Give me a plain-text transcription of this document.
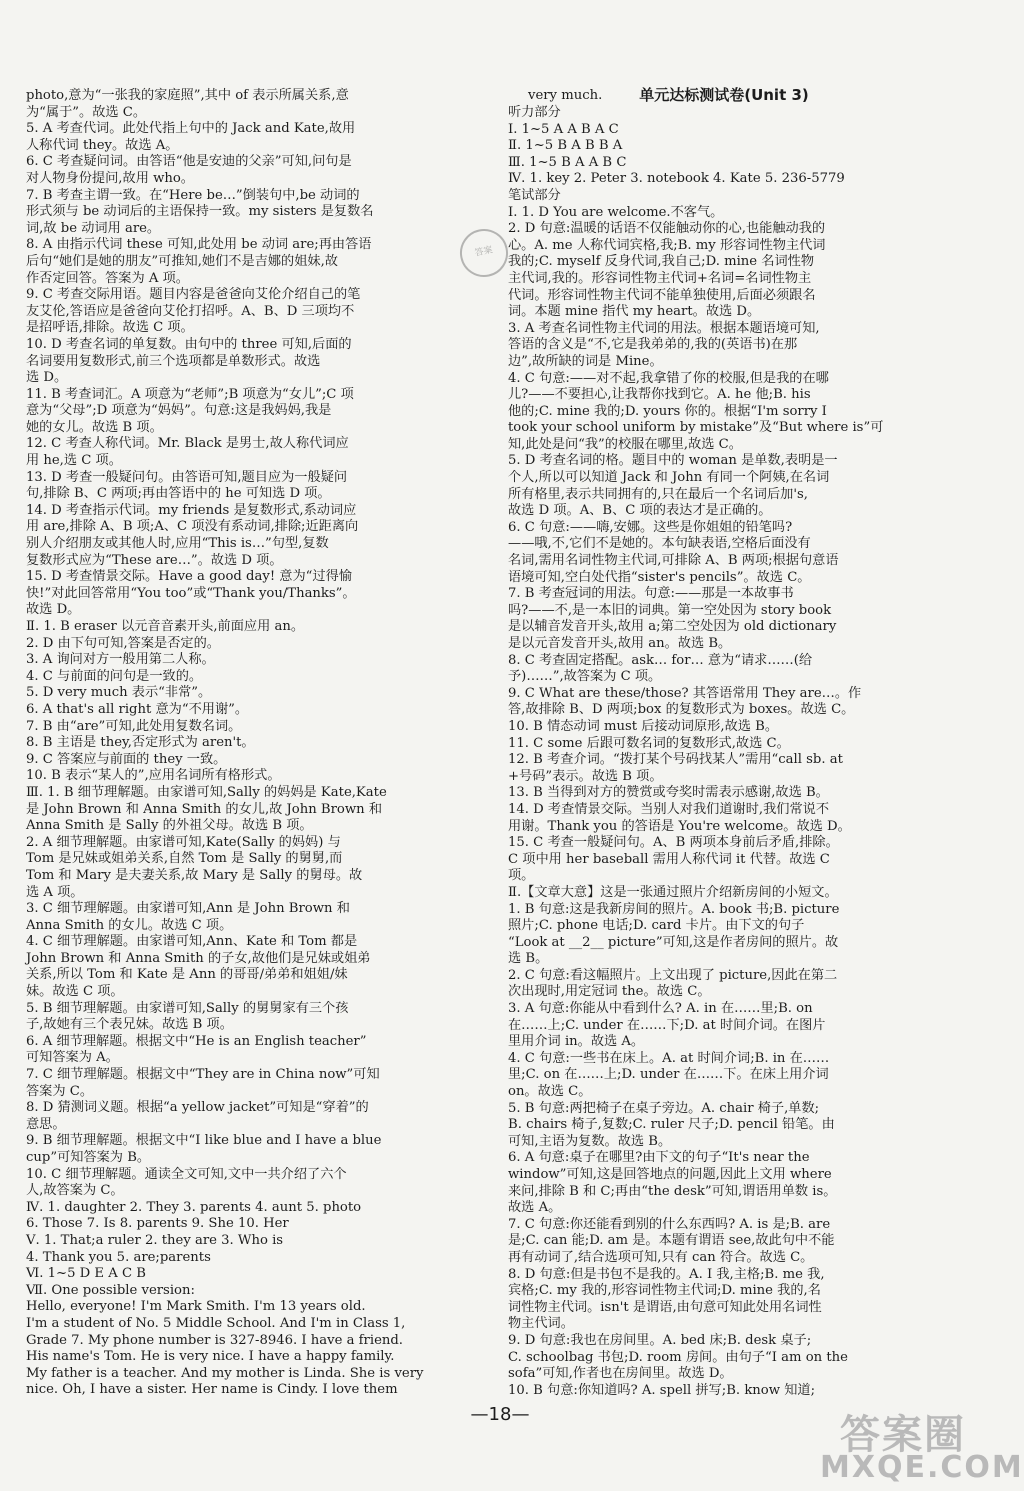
very much.
photo,意为“一张我的家庭照”,其中 of 表示所属关系,意
为“属于”。故选 C。
5. A 考查代词。此处代指上句中的 Jack and Kate,故用
人称代词 they。故选 A。
6. C 考查疑问词。由答语“他是安迪的父亲”可知,问句是
对人物身份提问,故用 who。
7. B 考查主谓一致。在“Here be…”倒装句中,be 动词的
形式须与 be 动词后的主语保持一致。my sisters 是复数名
词,故 be 动词用 are。
8. A 由指示代词 these 可知,此处用 be 动词 are;再由答语
后句“她们是她的朋友”可推知,她们不是吉娜的姐妹,故
作否定回答。答案为 A 项。
9. C 考查交际用语。题目内容是爸爸向艾伦介绍自己的笔
友艾伦,答语应是爸爸向艾伦打招呼。A、B、D 三项均不
是招呼语,排除。故选 C 项。
10. D 考查名词的单复数。由句中的 three 可知,后面的
名词要用复数形式,前三个选项都是单数形式。故选
选 D。
11. B 考查词汇。A 项意为“老师”;B 项意为“女儿”;C 项
意为“父母”;D 项意为“妈妈”。句意:这是我妈妈,我是
她的女儿。故选 B 项。
12. C 考查人称代词。Mr. Black 是男士,故人称代词应
用 he,选 C 项。
13. D 考查一般疑问句。由答语可知,题目应为一般疑问
句,排除 B、C 两项;再由答语中的 he 可知选 D 项。
14. D 考查指示代词。my friends 是复数形式,系动词应
用 are,排除 A、B 项;A、C 项没有系动词,排除;近距离向
别人介绍朋友或其他人时,应用“This is…”句型,复数
复数形式应为“These are…”。故选 D 项。
15. D 考查情景交际。Have a good day! 意为“过得愉
快!”对此回答常用“You too”或“Thank you/Thanks”。
故选 D。
Ⅱ. 1. B eraser 以元音音素开头,前面应用 an。
2. D 由下句可知,答案是否定的。
3. A 询问对方一般用第二人称。
4. C 与前面的问句是一致的。
5. D very much 表示“非常”。
6. A that's all right 意为“不用谢”。
7. B 由“are”可知,此处用复数名词。
8. B 主语是 they,否定形式为 aren't。
9. C 答案应与前面的 they 一致。
10. B 表示“某人的”,应用名词所有格形式。
Ⅲ. 1. B 细节理解题。由家谱可知,Sally 的妈妈是 Kate,Kate
是 John Brown 和 Anna Smith 的女儿,故 John Brown 和
Anna Smith 是 Sally 的外祖父母。故选 B 项。
2. A 细节理解题。由家谱可知,Kate(Sally 的妈妈) 与
Tom 是兄妹或姐弟关系,自然 Tom 是 Sally 的舅舅,而
Tom 和 Mary 是夫妻关系,故 Mary 是 Sally 的舅母。故
选 A 项。
3. C 细节理解题。由家谱可知,Ann 是 John Brown 和
Anna Smith 的女儿。故选 C 项。
4. C 细节理解题。由家谱可知,Ann、Kate 和 Tom 都是
John Brown 和 Anna Smith 的子女,故他们是兄妹或姐弟
关系,所以 Tom 和 Kate 是 Ann 的哥哥/弟弟和姐姐/妹
妹。故选 C 项。
5. B 细节理解题。由家谱可知,Sally 的舅舅家有三个孩
子,故她有三个表兄妹。故选 B 项。
6. A 细节理解题。根据文中“He is an English teacher”
可知答案为 A。
7. C 细节理解题。根据文中“They are in China now”可知
答案为 C。
8. D 猜测词义题。根据“a yellow jacket”可知是“穿着”的
意思。
9. B 细节理解题。根据文中“I like blue and I have a blue
cup”可知答案为 B。
10. C 细节理解题。通读全文可知,文中一共介绍了六个
人,故答案为 C。
Ⅳ. 1. daughter 2. They 3. parents 4. aunt 5. photo
6. Those 7. Is 8. parents 9. She 10. Her
Ⅴ. 1. That;a ruler 2. they are 3. Who is
4. Thank you 5. are;parents
Ⅵ. 1~5 D E A C B
Ⅶ. One possible version:
Hello, everyone! I'm Mark Smith. I'm 13 years old.
I'm a student of No. 5 Middle School. And I'm in Class 1,
Grade 7. My phone number is 327-8946. I have a friend.
His name's Tom. He is very nice. I have a happy family.
My father is a teacher. And my mother is Linda. She is very
nice. Oh, I have a sister. Her name is Cindy. I love them
单元达标测试卷(Unit 3)
听力部分
Ⅰ. 1~5 A A B A C
Ⅱ. 1~5 B A B B A
Ⅲ. 1~5 B A A B C
Ⅳ. 1. key 2. Peter 3. notebook 4. Kate 5. 236-5779
笔试部分
Ⅰ. 1. D You are welcome.不客气。
2. D 句意:温暖的话语不仅能触动你的心,也能触动我的
心。A. me 人称代词宾格,我;B. my 形容词性物主代词
我的;C. myself 反身代词,我自己;D. mine 名词性物
主代词,我的。形容词性物主代词+名词=名词性物主
代词。形容词性物主代词不能单独使用,后面必须跟名
词。本题 mine 指代 my heart。故选 D。
3. A 考查名词性物主代词的用法。根据本题语境可知,
答语的含义是“不,它是我弟弟的,我的(英语书)在那
边”,故所缺的词是 Mine。
4. C 句意:——对不起,我拿错了你的校服,但是我的在哪
儿?——不要担心,让我帮你找到它。A. he 他;B. his
他的;C. mine 我的;D. yours 你的。根据“I'm sorry I
took your school uniform by mistake”及“But where is”可
知,此处是问“我”的校服在哪里,故选 C。
5. D 考查名词的格。题目中的 woman 是单数,表明是一
个人,所以可以知道 Jack 和 John 有同一个阿姨,在名词
所有格里,表示共同拥有的,只在最后一个名词后加's,
故选 D 项。A、B、C 项的表达才是正确的。
6. C 句意:——嗨,安娜。这些是你姐姐的铅笔吗?
——哦,不,它们不是她的。本句缺表语,空格后面没有
名词,需用名词性物主代词,可排除 A、B 两项;根据句意语
语境可知,空白处代指“sister's pencils”。故选 C。
7. B 考查冠词的用法。句意:——那是一本故事书
吗?——不,是一本旧的词典。第一空处因为 story book
是以辅音发音开头,故用 a;第二空处因为 old dictionary
是以元音发音开头,故用 an。故选 B。
8. C 考查固定搭配。ask… for… 意为“请求……(给
予)……”,故答案为 C 项。
9. C What are these/those? 其答语常用 They are…。作
答,故排除 B、D 两项;box 的复数形式为 boxes。故选 C。
10. B 情态动词 must 后接动词原形,故选 B。
11. C some 后跟可数名词的复数形式,故选 C。
12. B 考查介词。“拨打某个号码找某人”需用“call sb. at
+号码”表示。故选 B 项。
13. B 当得到对方的赞赏或夸奖时需表示感谢,故选 B。
14. D 考查情景交际。当别人对我们道谢时,我们常说不
用谢。Thank you 的答语是 You're welcome。故选 D。
15. C 考查一般疑问句。A、B 两项本身前后矛盾,排除。
C 项中用 her baseball 需用人称代词 it 代替。故选 C
项。
Ⅱ.【文章大意】这是一张通过照片介绍新房间的小短文。
1. B 句意:这是我新房间的照片。A. book 书;B. picture
照片;C. phone 电话;D. card 卡片。由下文的句子
“Look at __2__ picture”可知,这是作者房间的照片。故
选 B。
2. C 句意:看这幅照片。上文出现了 picture,因此在第二
次出现时,用定冠词 the。故选 C。
3. A 句意:你能从中看到什么? A. in 在……里;B. on
在……上;C. under 在……下;D. at 时间介词。在图片
里用介词 in。故选 A。
4. C 句意:一些书在床上。A. at 时间介词;B. in 在……
里;C. on 在……上;D. under 在……下。在床上用介词
on。故选 C。
5. B 句意:两把椅子在桌子旁边。A. chair 椅子,单数;
B. chairs 椅子,复数;C. ruler 尺子;D. pencil 铅笔。由
可知,主语为复数。故选 B。
6. A 句意:桌子在哪里?由下文的句子“It's near the
window”可知,这是回答地点的问题,因此上文用 where
来问,排除 B 和 C;再由“the desk”可知,谓语用单数 is。
故选 A。
7. C 句意:你还能看到别的什么东西吗? A. is 是;B. are
是;C. can 能;D. am 是。本题有谓语 see,故此句中不能
再有动词了,结合选项可知,只有 can 符合。故选 C。
8. D 句意:但是书包不是我的。A. I 我,主格;B. me 我,
宾格;C. my 我的,形容词性物主代词;D. mine 我的,名
词性物主代词。isn't 是谓语,由句意可知此处用名词性
物主代词。
9. D 句意:我也在房间里。A. bed 床;B. desk 桌子;
C. schoolbag 书包;D. room 房间。由句子“I am on the
sofa”可知,作者也在房间里。故选 D。
10. B 句意:你知道吗? A. spell 拼写;B. know 知道;
答案
—18—	答案圈
MXQE.COM
